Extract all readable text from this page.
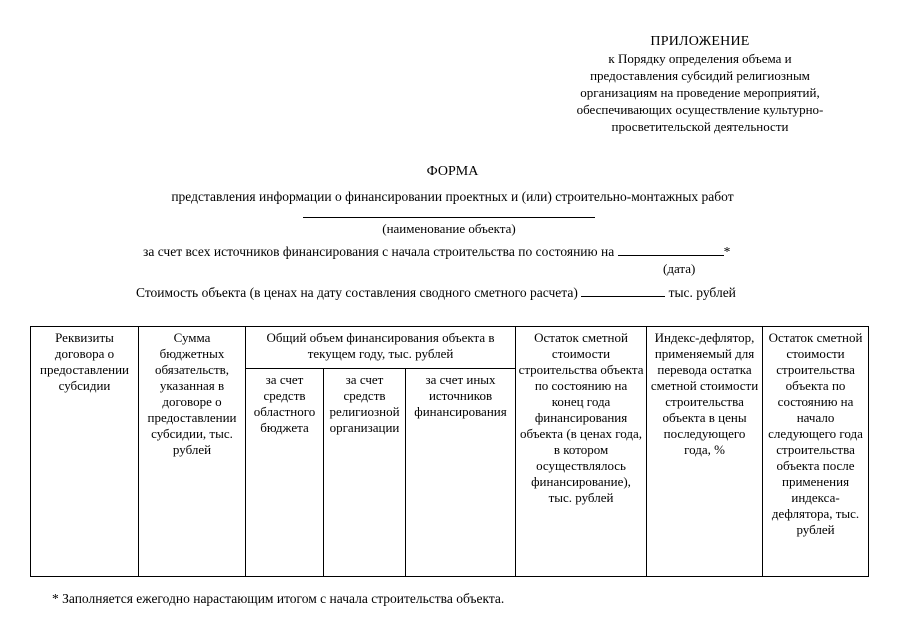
ПРИЛОЖЕНИЕ
к Порядку определения объема и
предоставления субсидий религиозным
организациям на проведение мероприятий,
обеспечивающих осуществление культурно-
просветительской деятельности
ФОРМА
представления информации о финансировании проектных и (или) строительно-монтажных работ
(наименование объекта)
за счет всех источников финансирования с начала строительства по состоянию на	*
(дата)
Стоимость объекта (в ценах на дату составления сводного сметного расчета)	тыс. рублей
Реквизиты договора о предоставлении субсидии	Сумма бюджетных обязательств, указанная в договоре о предоставлении субсидии, тыс. рублей	Общий объем финансирования объекта в текущем году, тыс. рублей			Остаток сметной стоимости строительства объекта по состоянию на конец года финансирования объекта (в ценах года, в котором осуществлялось финансирование), тыс. рублей	Индекс-дефлятор, применяемый для перевода остатка сметной стоимости строительства объекта в цены последующего года, %	Остаток сметной стоимости строительства объекта по состоянию на начало следующего года строительства объекта после применения индекса-дефлятора, тыс. рублей
		за счет средств областного бюджета	за счет средств религиозной организации	за счет иных источников финансирования			
* Заполняется ежегодно нарастающим итогом с начала строительства объекта.
